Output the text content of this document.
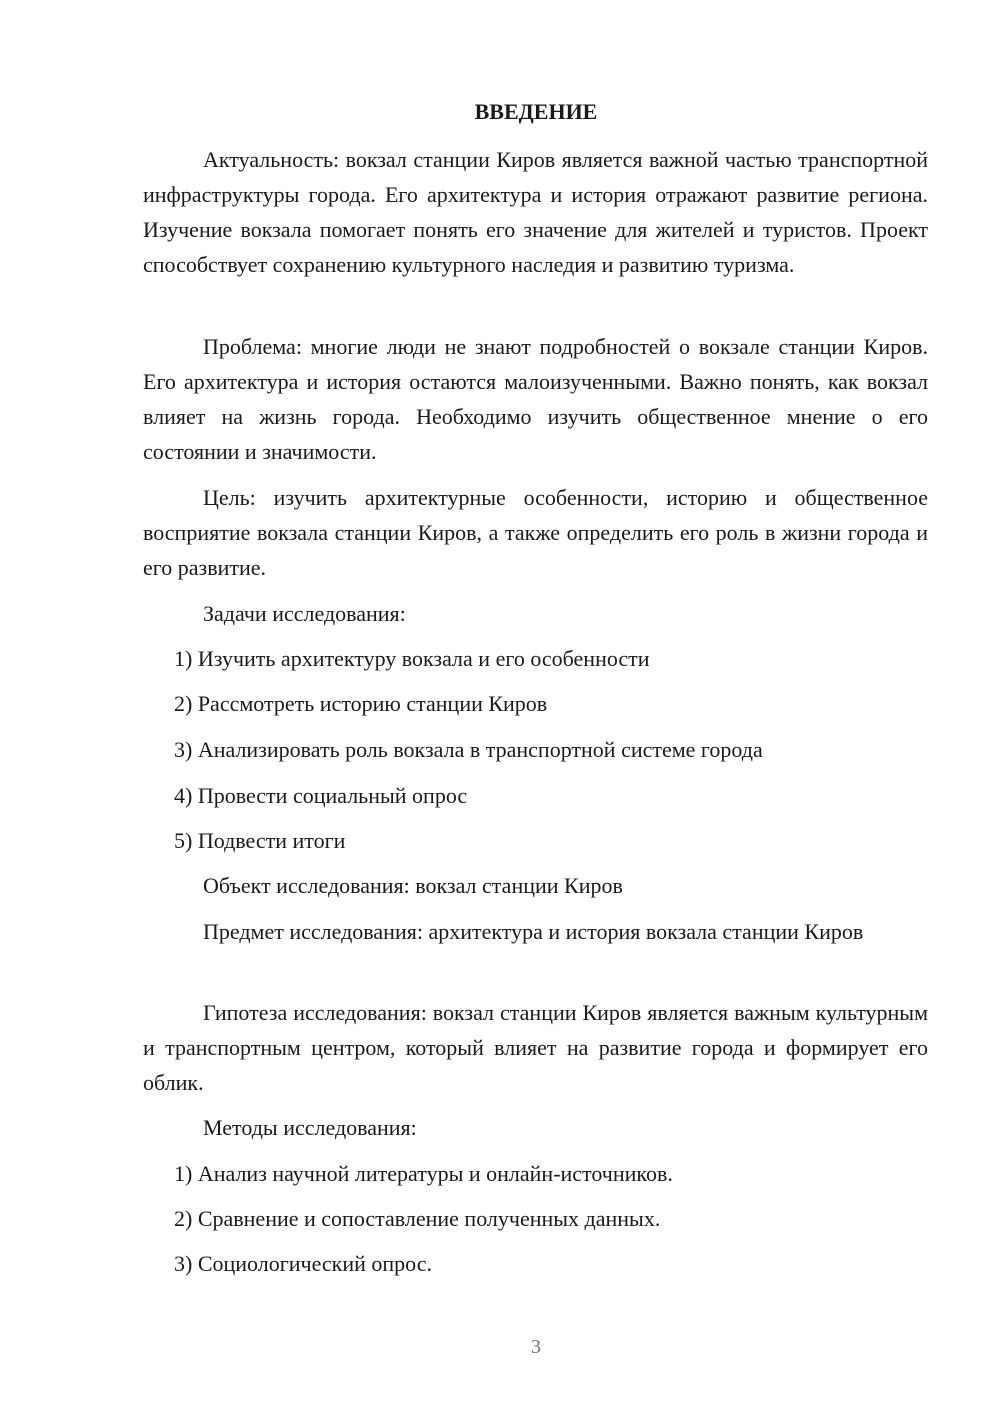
ВВЕДЕНИЕ

Актуальность: вокзал станции Киров является важной частью транспортной инфраструктуры города. Его архитектура и история отражают развитие региона. Изучение вокзала помогает понять его значение для жителей и туристов. Проект способствует сохранению культурного наследия и развитию туризма.

Проблема: многие люди не знают подробностей о вокзале станции Киров. Его архитектура и история остаются малоизученными. Важно понять, как вокзал влияет на жизнь города. Необходимо изучить общественное мнение о его состоянии и значимости.

Цель: изучить архитектурные особенности, историю и общественное восприятие вокзала станции Киров, а также определить его роль в жизни города и его развитие.

Задачи исследования:

1) Изучить архитектуру вокзала и его особенности

2) Рассмотреть историю станции Киров

3) Анализировать роль вокзала в транспортной системе города

4) Провести социальный опрос

5) Подвести итоги

Объект исследования: вокзал станции Киров

Предмет исследования: архитектура и история вокзала станции Киров

Гипотеза исследования: вокзал станции Киров является важным культурным и транспортным центром, который влияет на развитие города и формирует его облик.

Методы исследования:

1) Анализ научной литературы и онлайн-источников.

2) Сравнение и сопоставление полученных данных.

3) Социологический опрос.

3
